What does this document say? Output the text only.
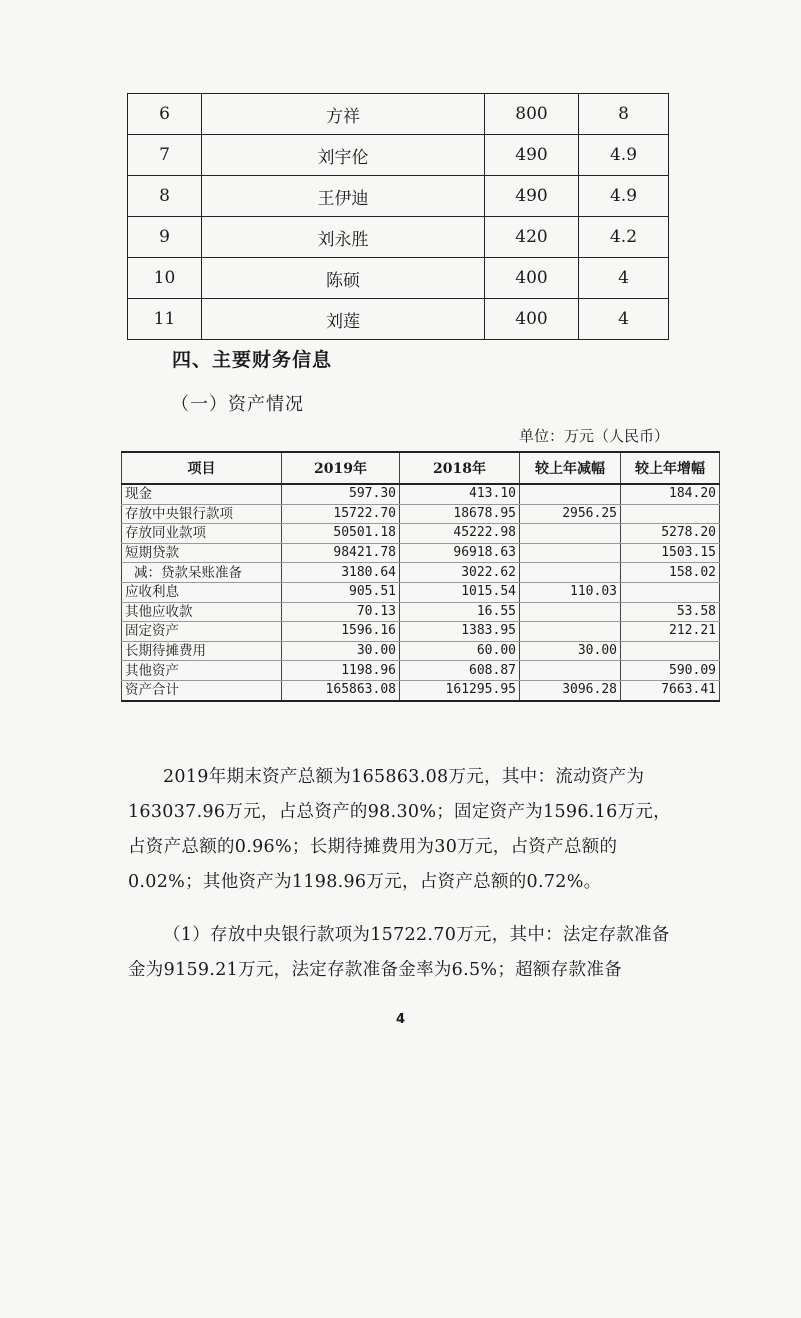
6	方祥	800	8
7	刘宇伦	490	4.9
8	王伊迪	490	4.9
9	刘永胜	420	4.2
10	陈硕	400	4
11	刘莲	400	4
四、主要财务信息
（一）资产情况
单位：万元（人民币）
项目	2019年	2018年	较上年减幅	较上年增幅
现金	597.30	413.10		184.20
存放中央银行款项	15722.70	18678.95	2956.25	
存放同业款项	50501.18	45222.98		5278.20
短期贷款	98421.78	96918.63		1503.15
减：贷款呆账准备	3180.64	3022.62		158.02
应收利息	905.51	1015.54	110.03	
其他应收款	70.13	16.55		53.58
固定资产	1596.16	1383.95		212.21
长期待摊费用	30.00	60.00	30.00	
其他资产	1198.96	608.87		590.09
资产合计	165863.08	161295.95	3096.28	7663.41

2019年期末资产总额为165863.08万元，其中：流动资产为163037.96万元，占总资产的98.30%；固定资产为1596.16万元，占资产总额的0.96%；长期待摊费用为30万元，占资产总额的0.02%；其他资产为1198.96万元，占资产总额的0.72%。

（1）存放中央银行款项为15722.70万元，其中：法定存款准备金为9159.21万元，法定存款准备金率为6.5%；超额存款准备

4
